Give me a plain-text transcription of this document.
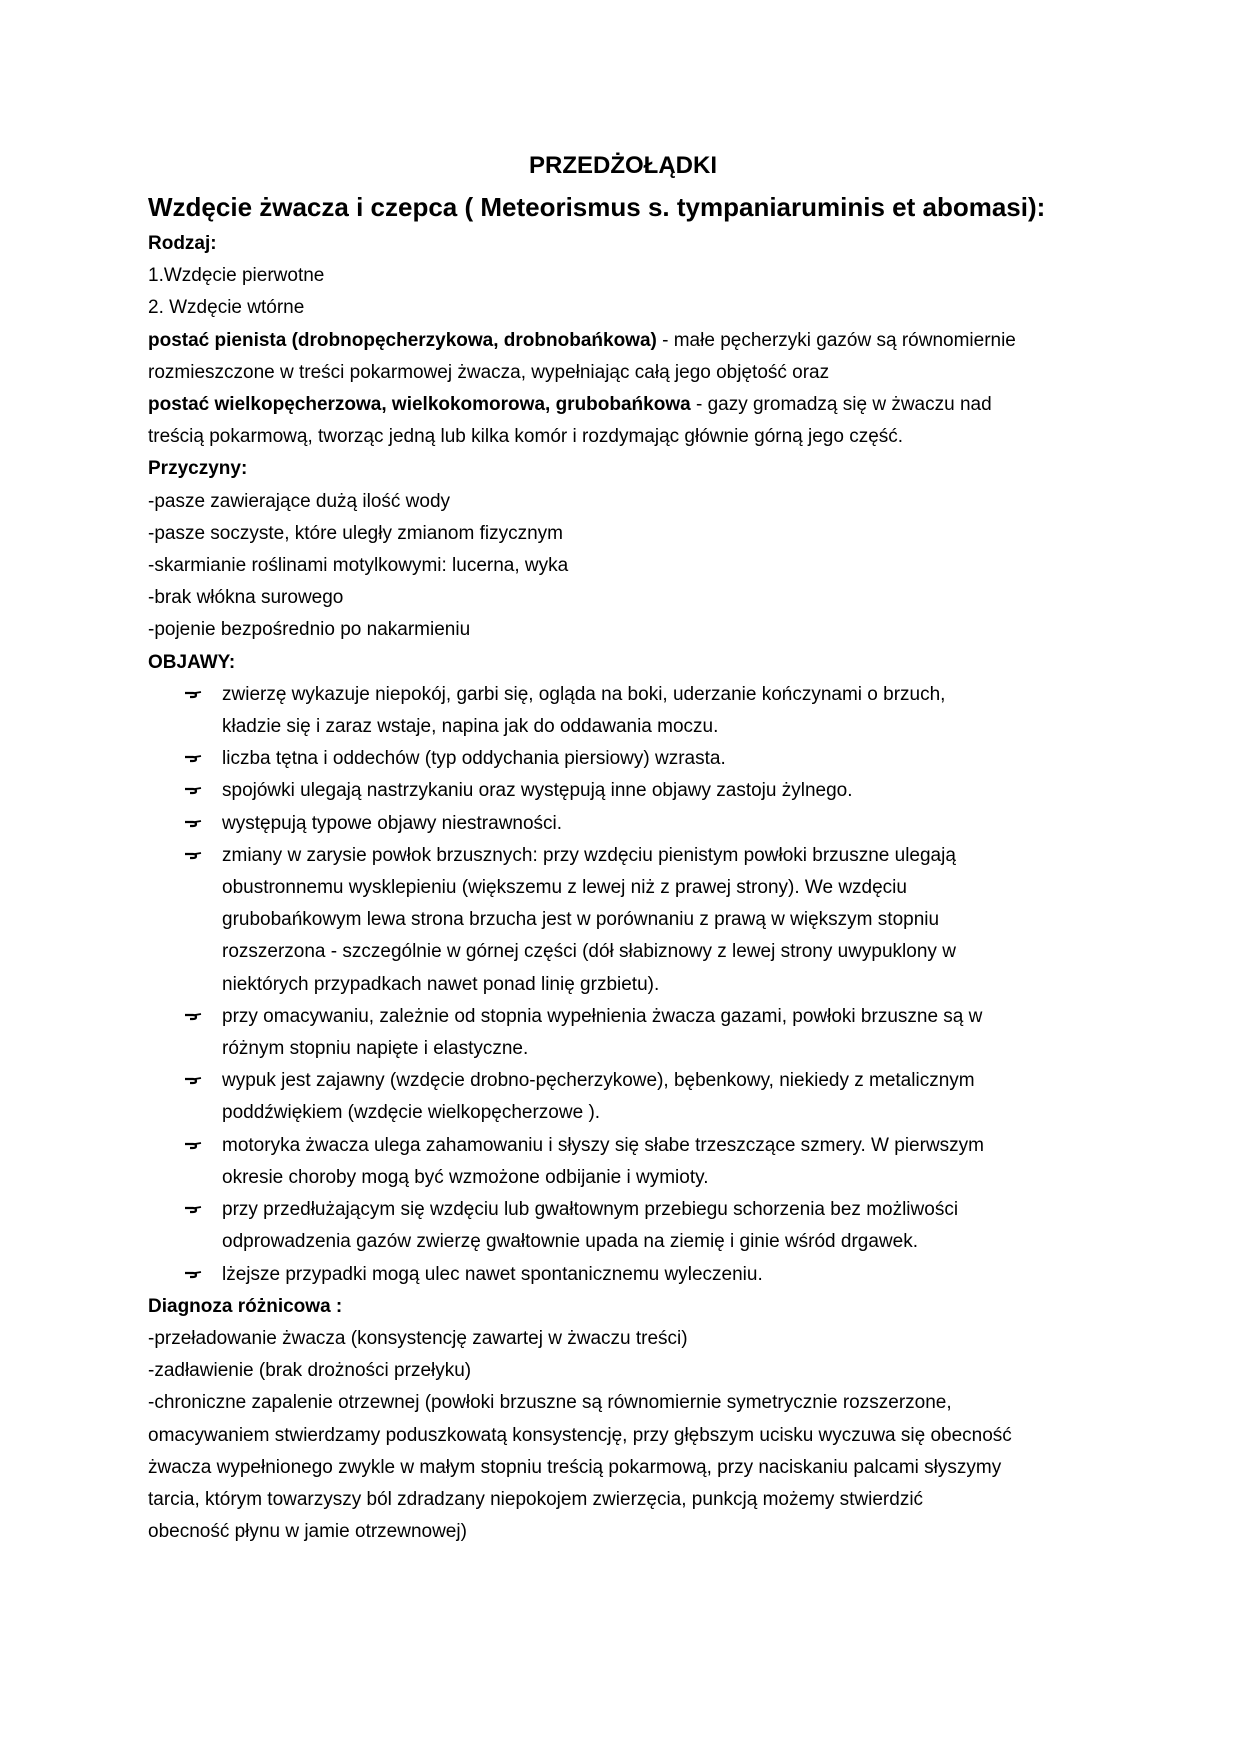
PRZEDŻOŁĄDKI
Wzdęcie żwacza i czepca ( Meteorismus s. tympaniaruminis et abomasi):
Rodzaj:
1.Wzdęcie pierwotne
2. Wzdęcie wtórne
postać pienista (drobnopęcherzykowa, drobnobańkowa) - małe pęcherzyki gazów są równomiernie
rozmieszczone w treści pokarmowej żwacza, wypełniając całą jego objętość oraz
postać wielkopęcherzowa, wielkokomorowa, grubobańkowa - gazy gromadzą się w żwaczu nad
treścią pokarmową, tworząc jedną lub kilka komór i rozdymając głównie górną jego część.
Przyczyny:
-pasze zawierające dużą ilość wody
-pasze soczyste, które uległy zmianom fizycznym
-skarmianie roślinami motylkowymi: lucerna, wyka
-brak włókna surowego
-pojenie bezpośrednio po nakarmieniu
OBJAWY:
zwierzę wykazuje niepokój, garbi się, ogląda na boki, uderzanie kończynami o brzuch,
kładzie się i zaraz wstaje, napina jak do oddawania moczu.
liczba tętna i oddechów (typ oddychania piersiowy) wzrasta.
spojówki ulegają nastrzykaniu oraz występują inne objawy zastoju żylnego.
występują typowe objawy niestrawności.
zmiany w zarysie powłok brzusznych: przy wzdęciu pienistym powłoki brzuszne ulegają
obustronnemu wysklepieniu (większemu z lewej niż z prawej strony). We wzdęciu
grubobańkowym lewa strona brzucha jest w porównaniu z prawą w większym stopniu
rozszerzona - szczególnie w górnej części (dół słabiznowy z lewej strony uwypuklony w
niektórych przypadkach nawet ponad linię grzbietu).
przy omacywaniu, zależnie od stopnia wypełnienia żwacza gazami, powłoki brzuszne są w
różnym stopniu napięte i elastyczne.
wypuk jest zajawny (wzdęcie drobno-pęcherzykowe), bębenkowy, niekiedy z metalicznym
poddźwiękiem (wzdęcie wielkopęcherzowe ).
motoryka żwacza ulega zahamowaniu i słyszy się słabe trzeszczące szmery. W pierwszym
okresie choroby mogą być wzmożone odbijanie i wymioty.
przy przedłużającym się wzdęciu lub gwałtownym przebiegu schorzenia bez możliwości
odprowadzenia gazów zwierzę gwałtownie upada na ziemię i ginie wśród drgawek.
lżejsze przypadki mogą ulec nawet spontanicznemu wyleczeniu.
Diagnoza różnicowa :
-przeładowanie żwacza (konsystencję zawartej w żwaczu treści)
-zadławienie (brak drożności przełyku)
-chroniczne zapalenie otrzewnej (powłoki brzuszne są równomiernie symetrycznie rozszerzone,
omacywaniem stwierdzamy poduszkowatą konsystencję, przy głębszym ucisku wyczuwa się obecność
żwacza wypełnionego zwykle w małym stopniu treścią pokarmową, przy naciskaniu palcami słyszymy
tarcia, którym towarzyszy ból zdradzany niepokojem zwierzęcia, punkcją możemy stwierdzić
obecność płynu w jamie otrzewnowej)
